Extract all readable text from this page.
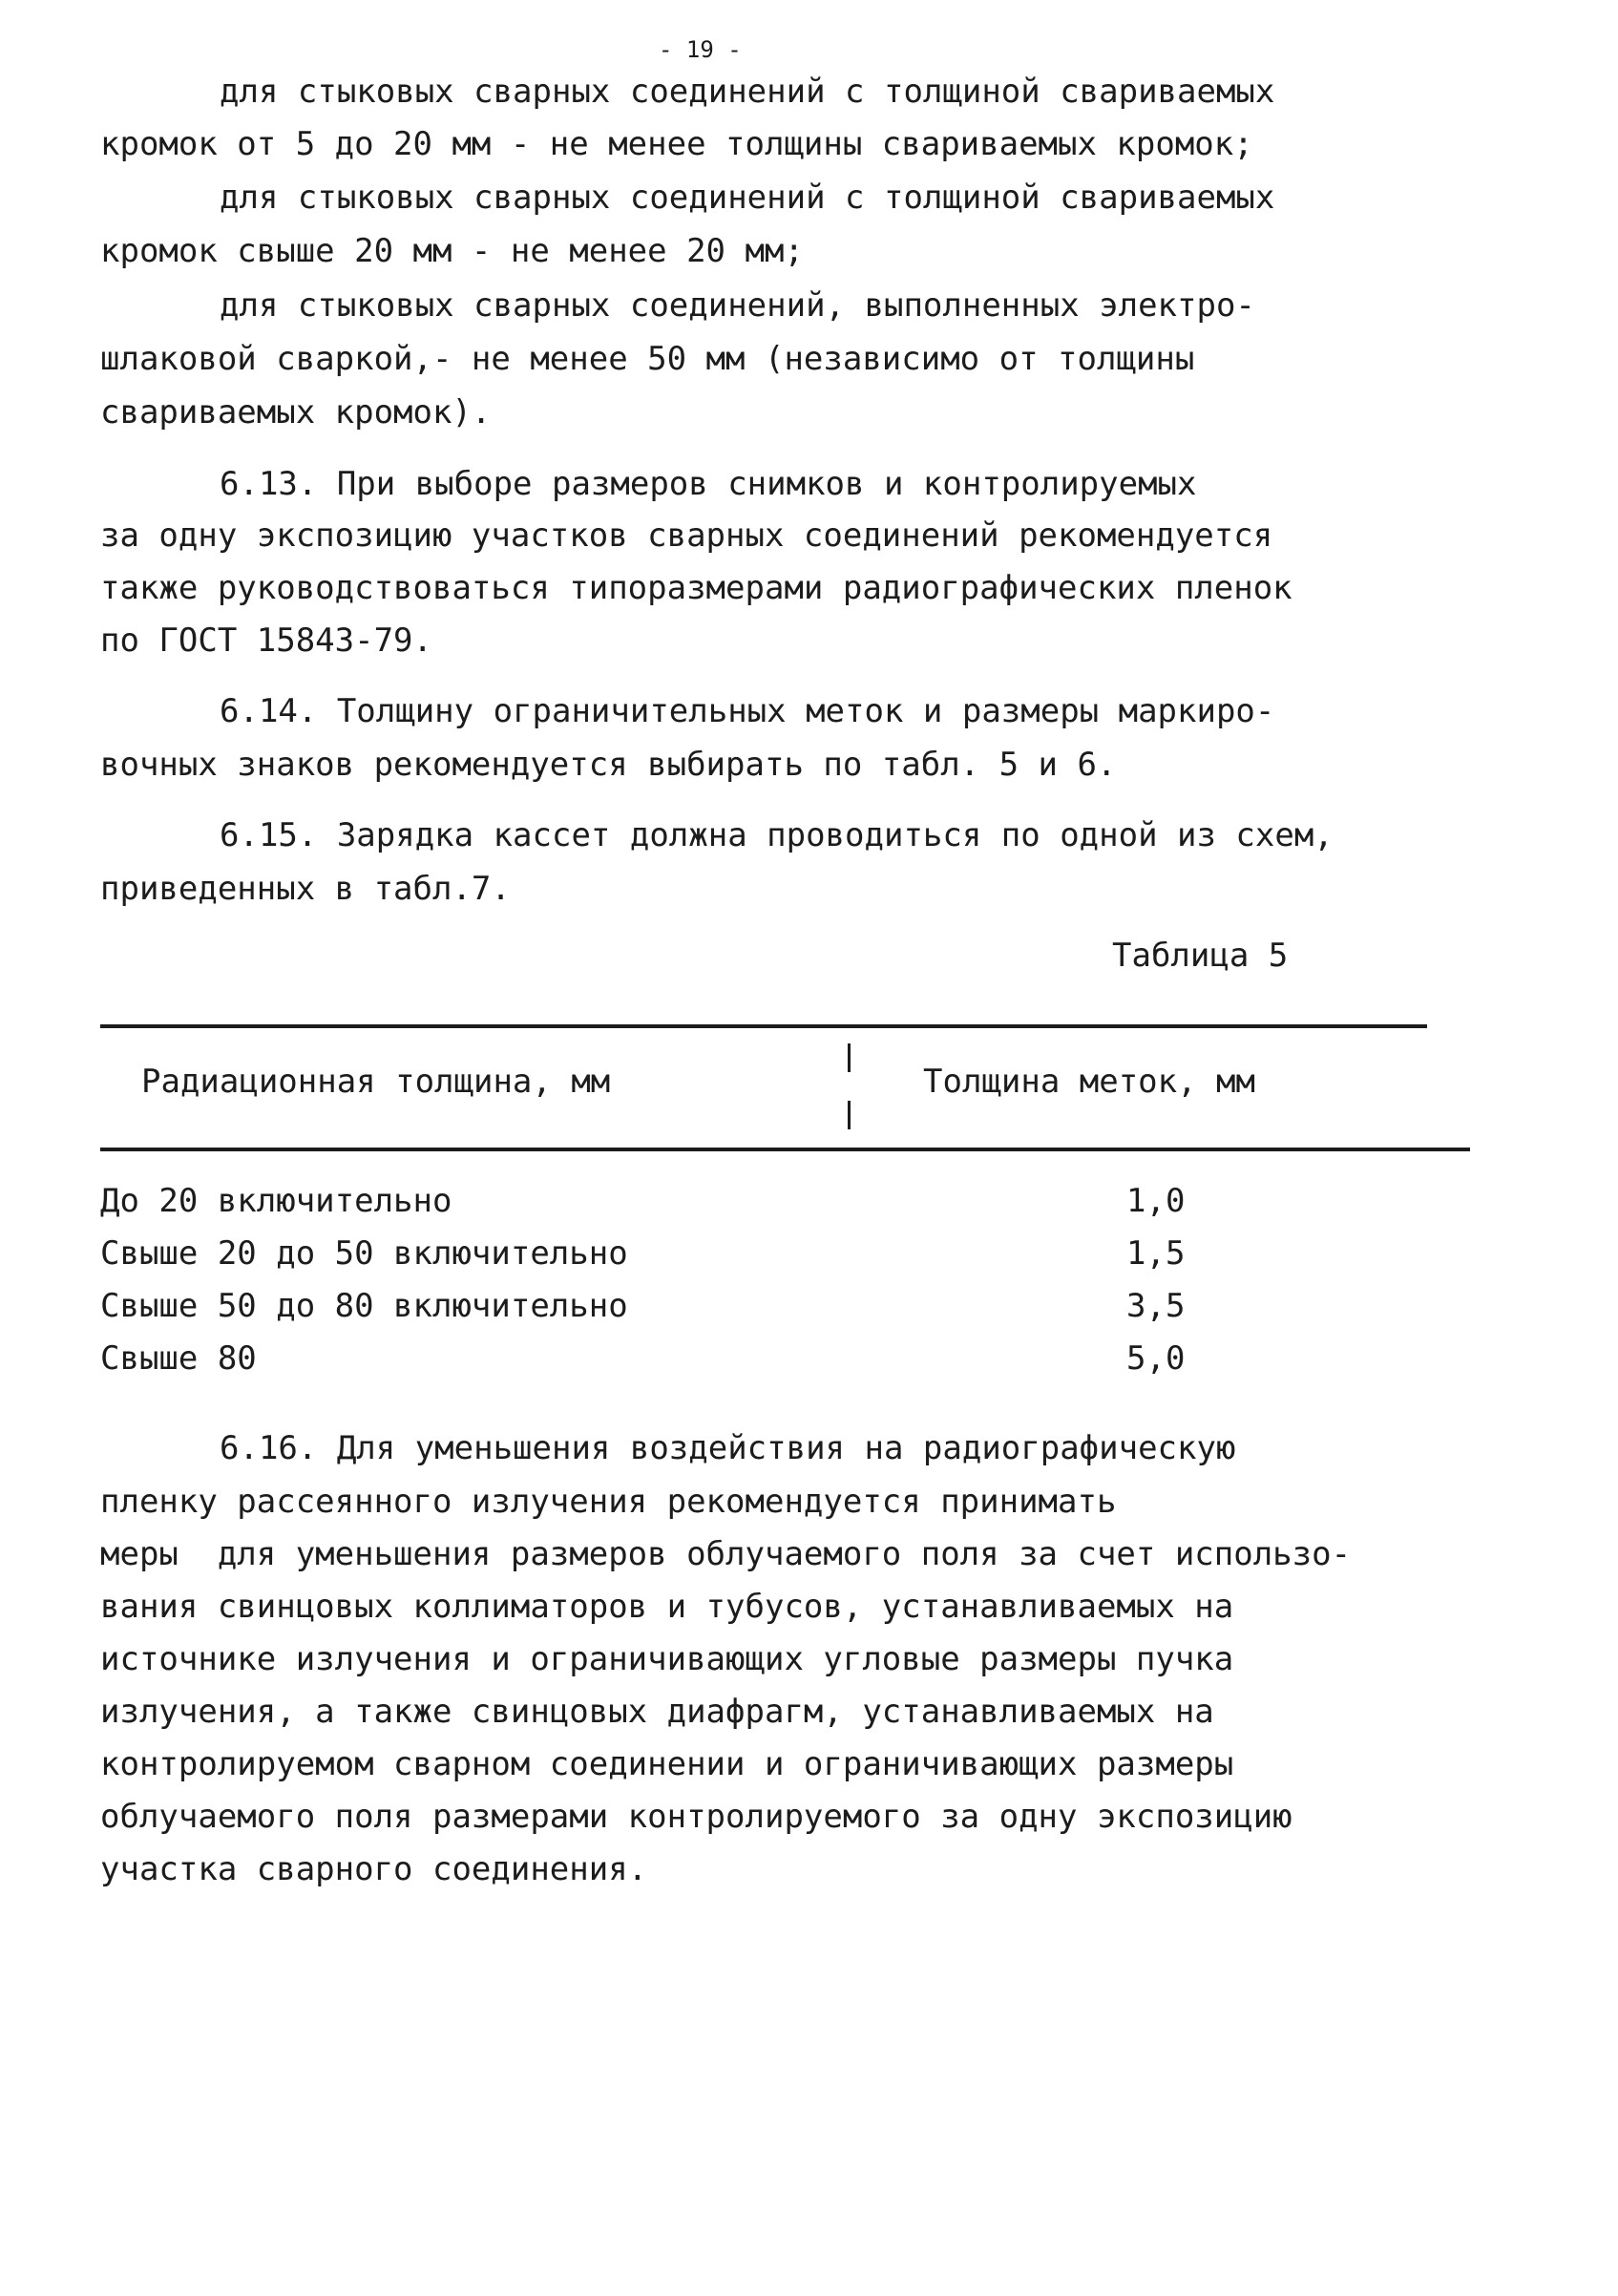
- 19 -
для стыковых сварных соединений с толщиной свариваемых
кромок от 5 до 20 мм - не менее толщины свариваемых кромок;
для стыковых сварных соединений с толщиной свариваемых
кромок свыше 20 мм - не менее 20 мм;
для стыковых сварных соединений, выполненных электро-
шлаковой сваркой,- не менее 50 мм (независимо от толщины
свариваемых кромок).
6.13. При выборе размеров снимков и контролируемых
за одну экспозицию участков сварных соединений рекомендуется
также руководствоваться типоразмерами радиографических пленок
по ГОСТ 15843-79.
6.14. Толщину ограничительных меток и размеры маркиро-
вочных знаков рекомендуется выбирать по табл. 5 и 6.
6.15. Зарядка кассет должна проводиться по одной из схем,
приведенных в табл.7.
Таблица 5
Радиационная толщина, мм	Толщина меток, мм
До 20 включительно	1,0
Свыше 20 до 50 включительно	1,5
Свыше 50 до 80 включительно	3,5
Свыше 80	5,0
6.16. Для уменьшения воздействия на радиографическую
пленку рассеянного излучения рекомендуется принимать
меры  для уменьшения размеров облучаемого поля за счет использо-
вания свинцовых коллиматоров и тубусов, устанавливаемых на
источнике излучения и ограничивающих угловые размеры пучка
излучения, а также свинцовых диафрагм, устанавливаемых на
контролируемом сварном соединении и ограничивающих размеры
облучаемого поля размерами контролируемого за одну экспозицию
участка сварного соединения.
